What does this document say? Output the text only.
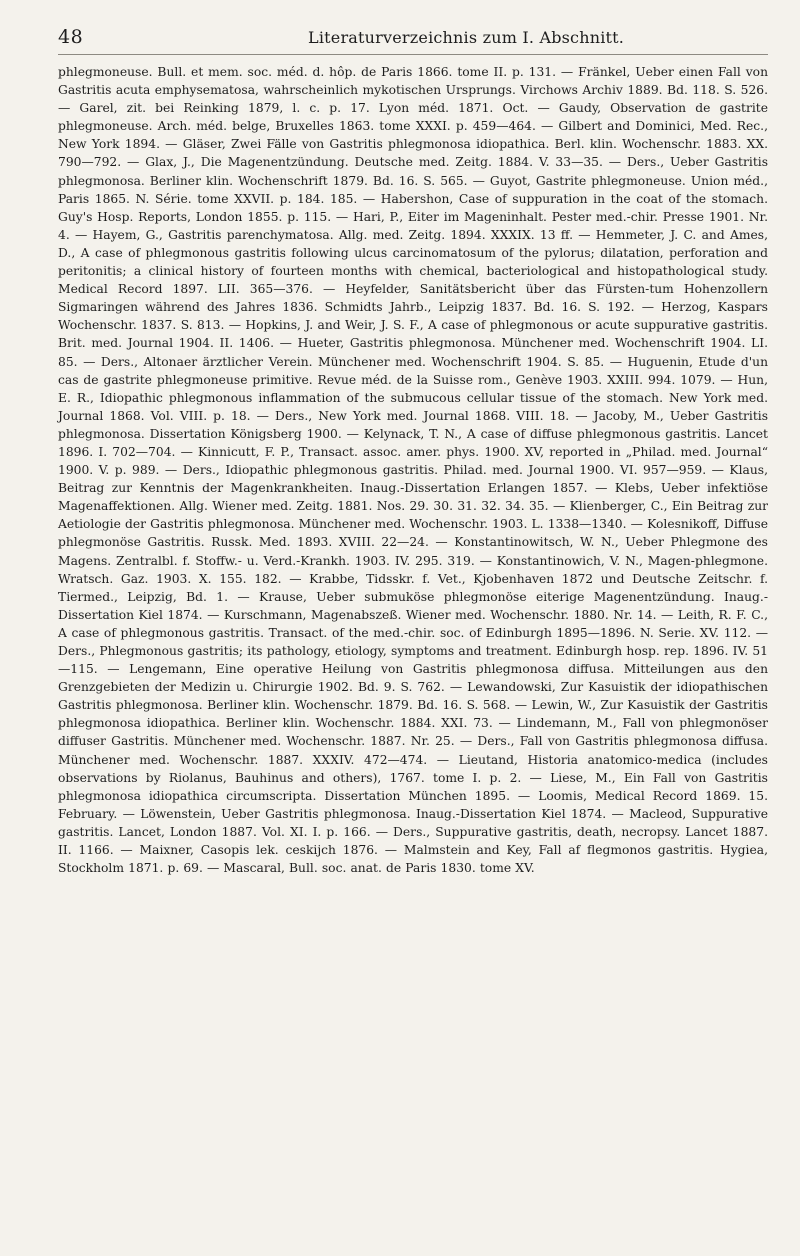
48	Literaturverzeichnis zum I. Abschnitt.

phlegmoneuse. Bull. et mem. soc. méd. d. hôp. de Paris 1866. tome II. p. 131. — Fränkel, Ueber einen Fall von Gastritis acuta emphysematosa, wahrscheinlich mykotischen Ursprungs. Virchows Archiv 1889. Bd. 118. S. 526. — Garel, zit. bei Reinking 1879, l. c. p. 17. Lyon méd. 1871. Oct. — Gaudy, Observation de gastrite phlegmoneuse. Arch. méd. belge, Bruxelles 1863. tome XXXI. p. 459—464. — Gilbert and Dominici, Med. Rec., New York 1894. — Gläser, Zwei Fälle von Gastritis phlegmonosa idiopathica. Berl. klin. Wochenschr. 1883. XX. 790—792. — Glax, J., Die Magenentzündung. Deutsche med. Zeitg. 1884. V. 33—35. — Ders., Ueber Gastritis phlegmonosa. Berliner klin. Wochenschrift 1879. Bd. 16. S. 565. — Guyot, Gastrite phlegmoneuse. Union méd., Paris 1865. N. Série. tome XXVII. p. 184. 185. — Habershon, Case of suppuration in the coat of the stomach. Guy's Hosp. Reports, London 1855. p. 115. — Hari, P., Eiter im Mageninhalt. Pester med.-chir. Presse 1901. Nr. 4. — Hayem, G., Gastritis parenchymatosa. Allg. med. Zeitg. 1894. XXXIX. 13 ff. — Hemmeter, J. C. and Ames, D., A case of phlegmonous gastritis following ulcus carcinomatosum of the pylorus; dilatation, perforation and peritonitis; a clinical history of fourteen months with chemical, bacteriological and histopathological study. Medical Record 1897. LII. 365—376. — Heyfelder, Sanitätsbericht über das Fürsten-tum Hohenzollern Sigmaringen während des Jahres 1836. Schmidts Jahrb., Leipzig 1837. Bd. 16. S. 192. — Herzog, Kaspars Wochenschr. 1837. S. 813. — Hopkins, J. and Weir, J. S. F., A case of phlegmonous or acute suppurative gastritis. Brit. med. Journal 1904. II. 1406. — Hueter, Gastritis phlegmonosa. Münchener med. Wochenschrift 1904. LI. 85. — Ders., Altonaer ärztlicher Verein. Münchener med. Wochenschrift 1904. S. 85. — Huguenin, Etude d'un cas de gastrite phlegmoneuse primitive. Revue méd. de la Suisse rom., Genève 1903. XXIII. 994. 1079. — Hun, E. R., Idiopathic phlegmonous inflammation of the submucous cellular tissue of the stomach. New York med. Journal 1868. Vol. VIII. p. 18. — Ders., New York med. Journal 1868. VIII. 18. — Jacoby, M., Ueber Gastritis phlegmonosa. Dissertation Königsberg 1900. — Kelynack, T. N., A case of diffuse phlegmonous gastritis. Lancet 1896. I. 702—704. — Kinnicutt, F. P., Transact. assoc. amer. phys. 1900. XV, reported in „Philad. med. Journal“ 1900. V. p. 989. — Ders., Idiopathic phlegmonous gastritis. Philad. med. Journal 1900. VI. 957—959. — Klaus, Beitrag zur Kenntnis der Magenkrankheiten. Inaug.-Dissertation Erlangen 1857. — Klebs, Ueber infektiöse Magenaffektionen. Allg. Wiener med. Zeitg. 1881. Nos. 29. 30. 31. 32. 34. 35. — Klienberger, C., Ein Beitrag zur Aetiologie der Gastritis phlegmonosa. Münchener med. Wochenschr. 1903. L. 1338—1340. — Kolesnikoff, Diffuse phlegmonöse Gastritis. Russk. Med. 1893. XVIII. 22—24. — Konstantinowitsch, W. N., Ueber Phlegmone des Magens. Zentralbl. f. Stoffw.- u. Verd.-Krankh. 1903. IV. 295. 319. — Konstantinowich, V. N., Magen-phlegmone. Wratsch. Gaz. 1903. X. 155. 182. — Krabbe, Tidsskr. f. Vet., Kjobenhaven 1872 und Deutsche Zeitschr. f. Tiermed., Leipzig, Bd. 1. — Krause, Ueber submuköse phlegmonöse eiterige Magenentzündung. Inaug.-Dissertation Kiel 1874. — Kurschmann, Magenabszeß. Wiener med. Wochenschr. 1880. Nr. 14. — Leith, R. F. C., A case of phlegmonous gastritis. Transact. of the med.-chir. soc. of Edinburgh 1895—1896. N. Serie. XV. 112. — Ders., Phlegmonous gastritis; its pathology, etiology, symptoms and treatment. Edinburgh hosp. rep. 1896. IV. 51—115. — Lengemann, Eine operative Heilung von Gastritis phlegmonosa diffusa. Mitteilungen aus den Grenzgebieten der Medizin u. Chirurgie 1902. Bd. 9. S. 762. — Lewandowski, Zur Kasuistik der idiopathischen Gastritis phlegmonosa. Berliner klin. Wochenschr. 1879. Bd. 16. S. 568. — Lewin, W., Zur Kasuistik der Gastritis phlegmonosa idiopathica. Berliner klin. Wochenschr. 1884. XXI. 73. — Lindemann, M., Fall von phlegmonöser diffuser Gastritis. Münchener med. Wochenschr. 1887. Nr. 25. — Ders., Fall von Gastritis phlegmonosa diffusa. Münchener med. Wochenschr. 1887. XXXIV. 472—474. — Lieutand, Historia anatomico-medica (includes observations by Riolanus, Bauhinus and others), 1767. tome I. p. 2. — Liese, M., Ein Fall von Gastritis phlegmonosa idiopathica circumscripta. Dissertation München 1895. — Loomis, Medical Record 1869. 15. February. — Löwenstein, Ueber Gastritis phlegmonosa. Inaug.-Dissertation Kiel 1874. — Macleod, Suppurative gastritis. Lancet, London 1887. Vol. XI. I. p. 166. — Ders., Suppurative gastritis, death, necropsy. Lancet 1887. II. 1166. — Maixner, Casopis lek. ceskijch 1876. — Malmstein and Key, Fall af flegmonos gastritis. Hygiea, Stockholm 1871. p. 69. — Mascaral, Bull. soc. anat. de Paris 1830. tome XV.
